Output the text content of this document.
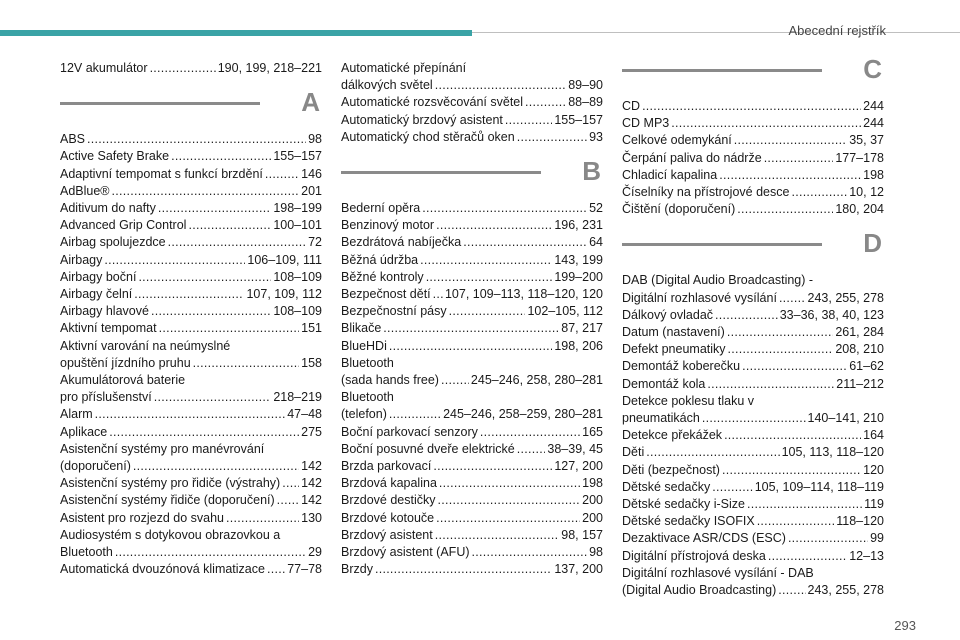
Abecední rejstřík
12V akumulátor . . .	190, 199, 218–221
A
ABS . . .	98
Active Safety Brake . . .	155–157
Adaptivní tempomat s funkcí brzdění . . .	146
AdBlue® . . .	201
Aditivum do nafty . . .	198–199
Advanced Grip Control . . .	100–101
Airbag spolujezdce . . .	72
Airbagy . . .	106–109, 111
Airbagy boční . . .	108–109
Airbagy čelní . . .	107, 109, 112
Airbagy hlavové . . .	108–109
Aktivní tempomat . . .	151
Aktivní varování na neúmyslné
opuštění jízdního pruhu . . .	158
Akumulátorová baterie
pro příslušenství . . .	218–219
Alarm . . .	47–48
Aplikace . . .	275
Asistenční systémy pro manévrování
(doporučení) . . .	142
Asistenční systémy pro řidiče (výstrahy) . . . 142
Asistenční systémy řidiče (doporučení) . . . 142
Asistent pro rozjezd do svahu . . .	130
Audiosystém s dotykovou obrazovkou a
Bluetooth . . .	29
Automatická dvouzónová klimatizace . . . 77–78
Automatické přepínání
dálkových světel . . .	89–90
Automatické rozsvěcování světel . . .	88–89
Automatický brzdový asistent . . .	155–157
Automatický chod stěračů oken . . .	93
B
Bederní opěra . . .	52
Benzinový motor . . .	196, 231
Bezdrátová nabíječka . . .	64
Běžná údržba . . .	143, 199
Běžné kontroly . . .	199–200
Bezpečnost dětí . . . 107, 109–113, 118–120, 120
Bezpečnostní pásy . . .	102–105, 112
Blikače . . .	87, 217
BlueHDi . . .	198, 206
Bluetooth
(sada hands free) . . .	245–246, 258, 280–281
Bluetooth
(telefon) . . .	245–246, 258–259, 280–281
Boční parkovací senzory . . .	165
Boční posuvné dveře elektrické . . .	38–39, 45
Brzda parkovací . . .	127, 200
Brzdová kapalina . . .	198
Brzdové destičky . . .	200
Brzdové kotouče . . .	200
Brzdový asistent . . .	98, 157
Brzdový asistent (AFU) . . .	98
Brzdy . . .	137, 200
C
CD . . .	244
CD MP3 . . .	244
Celkové odemykání . . .	35, 37
Čerpání paliva do nádrže . . .	177–178
Chladicí kapalina . . .	198
Číselníky na přístrojové desce . . .	10, 12
Čištění (doporučení) . . .	180, 204
D
DAB (Digital Audio Broadcasting) -
Digitální rozhlasové vysílání . . . 243, 255, 278
Dálkový ovladač . . .	33–36, 38, 40, 123
Datum (nastavení) . . .	261, 284
Defekt pneumatiky . . .	208, 210
Demontáž koberečku . . .	61–62
Demontáž kola . . .	211–212
Detekce poklesu tlaku v
pneumatikách . . .	140–141, 210
Detekce překážek . . .	164
Děti . . .	105, 113, 118–120
Děti (bezpečnost) . . .	120
Dětské sedačky . . .	105, 109–114, 118–119
Dětské sedačky i-Size . . .	119
Dětské sedačky ISOFIX . . .	118–120
Dezaktivace ASR/CDS (ESC) . . .	99
Digitální přístrojová deska . . .	12–13
Digitální rozhlasové vysílání - DAB
(Digital Audio Broadcasting) . . .	243, 255, 278
293
